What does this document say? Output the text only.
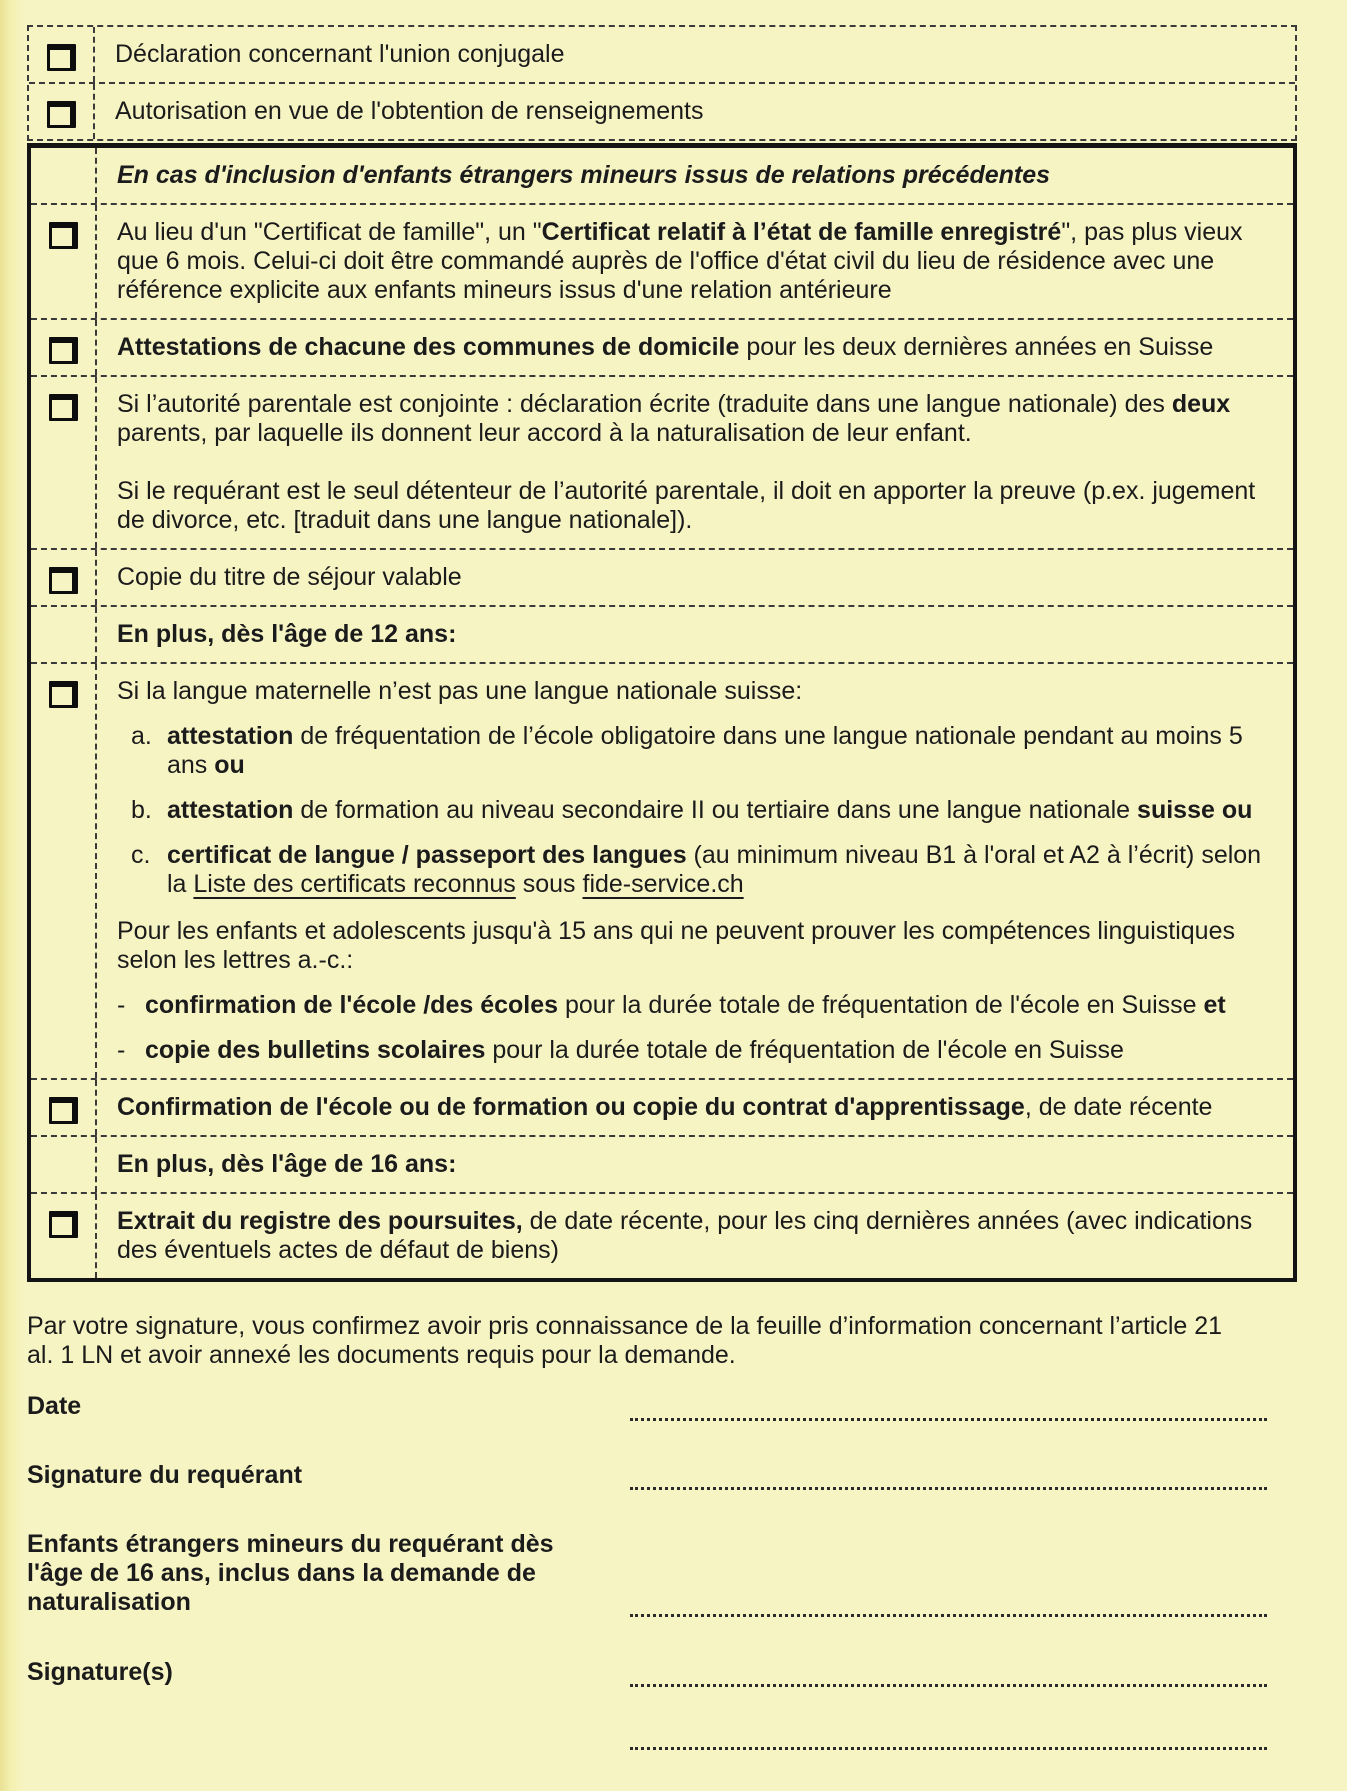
Déclaration concernant l'union conjugale

Autorisation en vue de l'obtention de renseignements

En cas d'inclusion d'enfants étrangers mineurs issus de relations précédentes

Au lieu d'un "Certificat de famille", un "Certificat relatif à l’état de famille enregistré", pas plus vieux
que 6 mois. Celui-ci doit être commandé auprès de l'office d'état civil du lieu de résidence avec une
référence explicite aux enfants mineurs issus d'une relation antérieure

Attestations de chacune des communes de domicile pour les deux dernières années en Suisse

Si l’autorité parentale est conjointe : déclaration écrite (traduite dans une langue nationale) des deux
parents, par laquelle ils donnent leur accord à la naturalisation de leur enfant.

Si le requérant est le seul détenteur de l’autorité parentale, il doit en apporter la preuve (p.ex. jugement
de divorce, etc. [traduit dans une langue nationale]).

Copie du titre de séjour valable

En plus, dès l'âge de 12 ans:

Si la langue maternelle n’est pas une langue nationale suisse:

a. attestation de fréquentation de l’école obligatoire dans une langue nationale pendant au moins 5
ans ou

b. attestation de formation au niveau secondaire II ou tertiaire dans une langue nationale suisse ou

c. certificat de langue / passeport des langues (au minimum niveau B1 à l'oral et A2 à l’écrit) selon
la Liste des certificats reconnus sous fide-service.ch

Pour les enfants et adolescents jusqu'à 15 ans qui ne peuvent prouver les compétences linguistiques
selon les lettres a.-c.:

- confirmation de l'école /des écoles pour la durée totale de fréquentation de l'école en Suisse et

- copie des bulletins scolaires pour la durée totale de fréquentation de l'école en Suisse

Confirmation de l'école ou de formation ou copie du contrat d'apprentissage, de date récente

En plus, dès l'âge de 16 ans:

Extrait du registre des poursuites, de date récente, pour les cinq dernières années (avec indications
des éventuels actes de défaut de biens)

Par votre signature, vous confirmez avoir pris connaissance de la feuille d’information concernant l’article 21
al. 1 LN et avoir annexé les documents requis pour la demande.

Date
Signature du requérant
Enfants étrangers mineurs du requérant dès
l'âge de 16 ans, inclus dans la demande de
naturalisation
Signature(s)
